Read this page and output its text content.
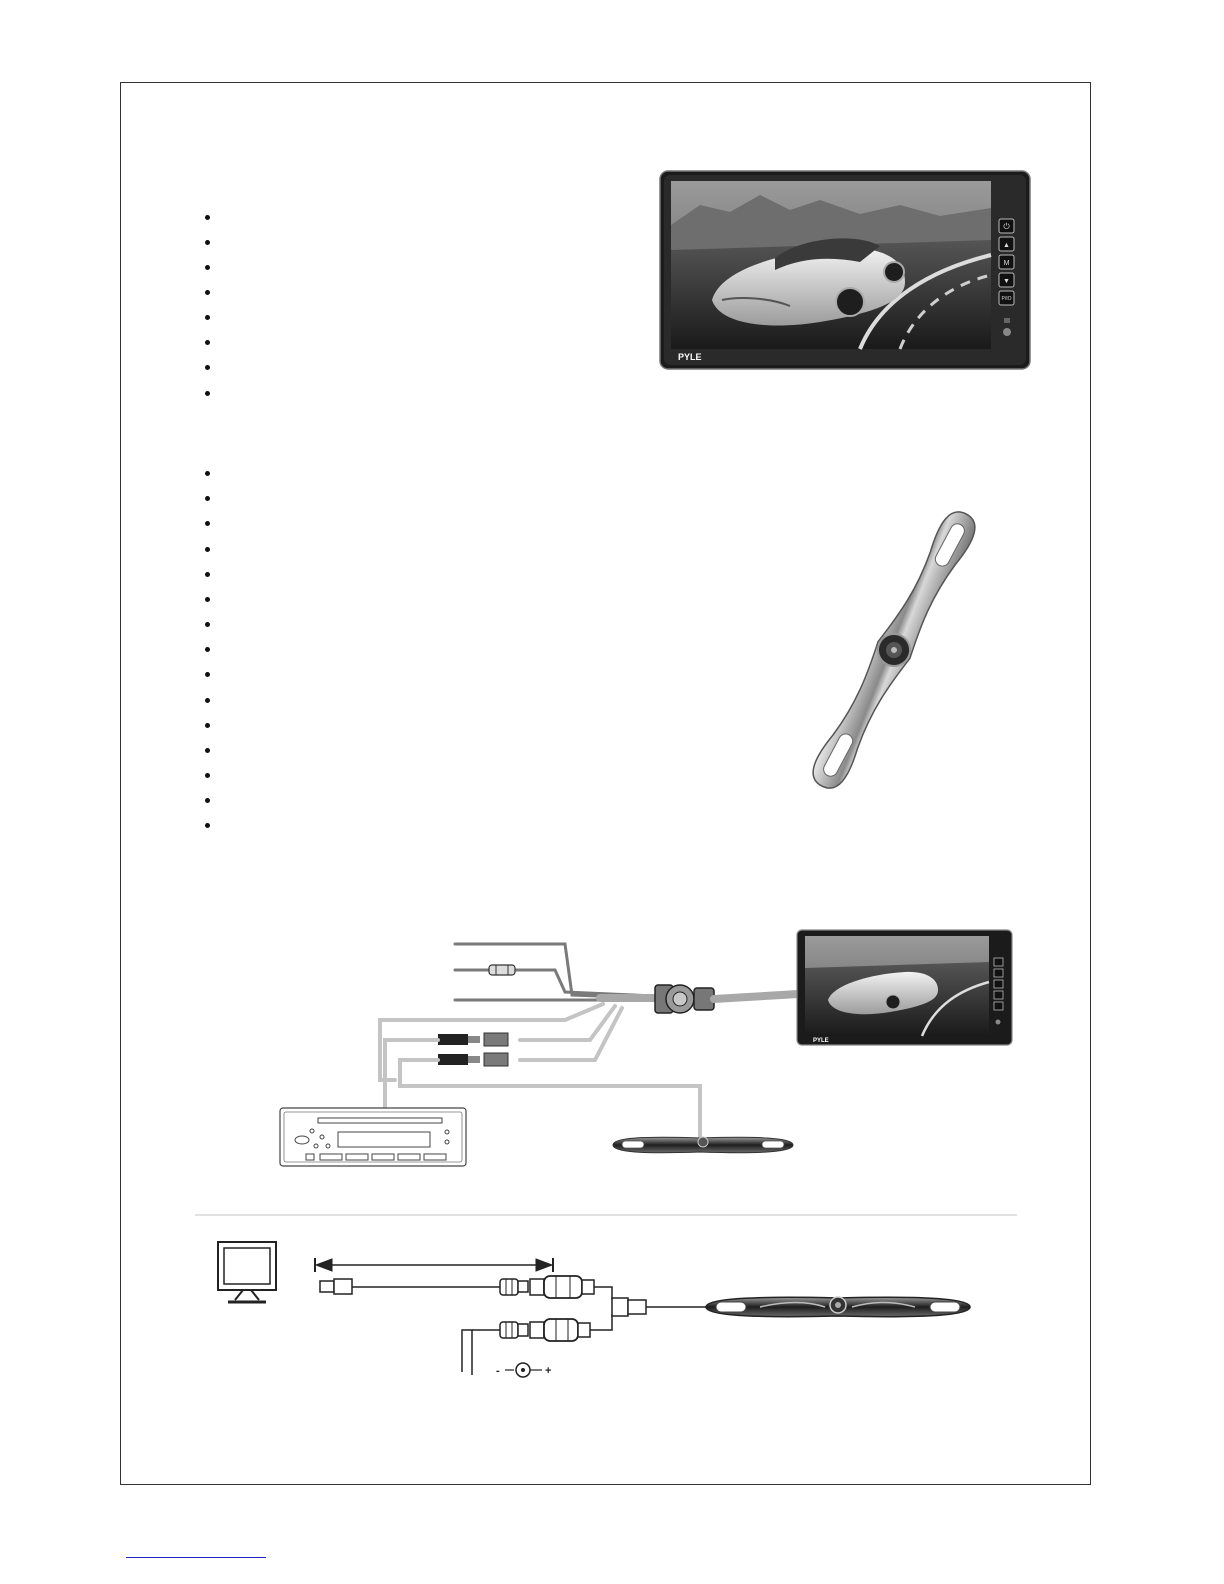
⏻
▲
M
▼
P/IO
PYLE
PYLE
-	+
